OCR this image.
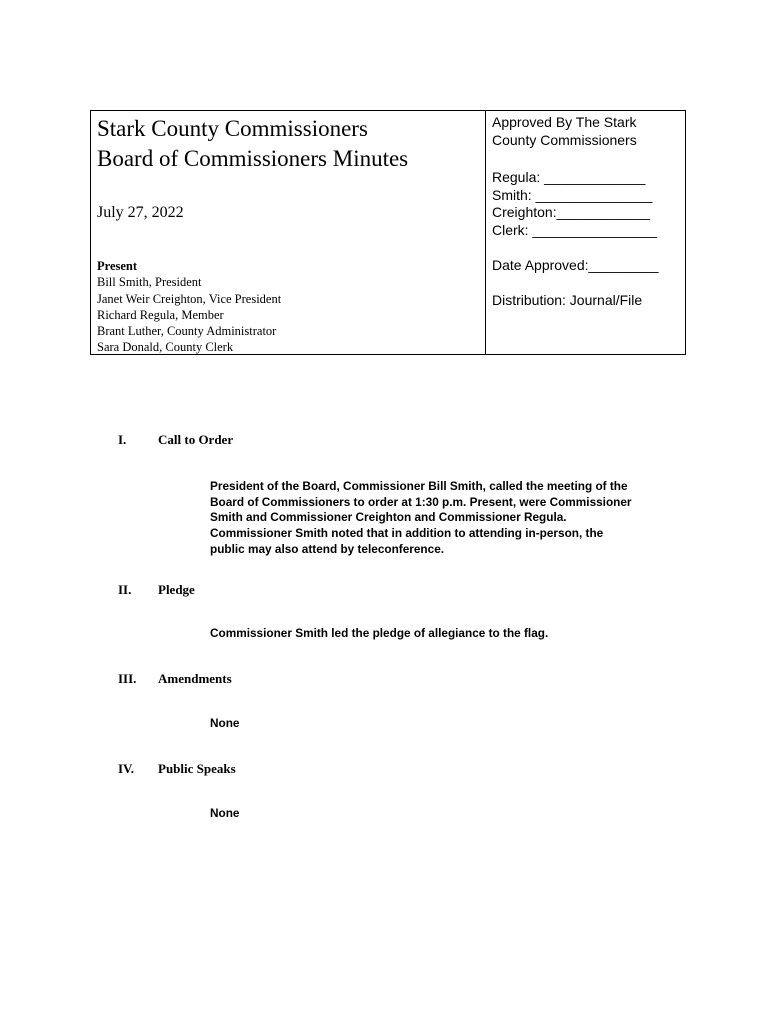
Stark County Commissioners
Board of Commissioners Minutes
July 27, 2022
Present
Bill Smith, President
Janet Weir Creighton, Vice President
Richard Regula, Member
Brant Luther, County Administrator
Sara Donald, County Clerk
Approved By The Stark
County Commissioners
Regula: _____________
Smith: _______________
Creighton:____________
Clerk: ________________
Date Approved:_________
Distribution: Journal/File
I. Call to Order
President of the Board, Commissioner Bill Smith, called the meeting of the
Board of Commissioners to order at 1:30 p.m. Present, were Commissioner
Smith and Commissioner Creighton and Commissioner Regula.
Commissioner Smith noted that in addition to attending in-person, the
public may also attend by teleconference.
II. Pledge
Commissioner Smith led the pledge of allegiance to the flag.
III. Amendments
None
IV. Public Speaks
None
